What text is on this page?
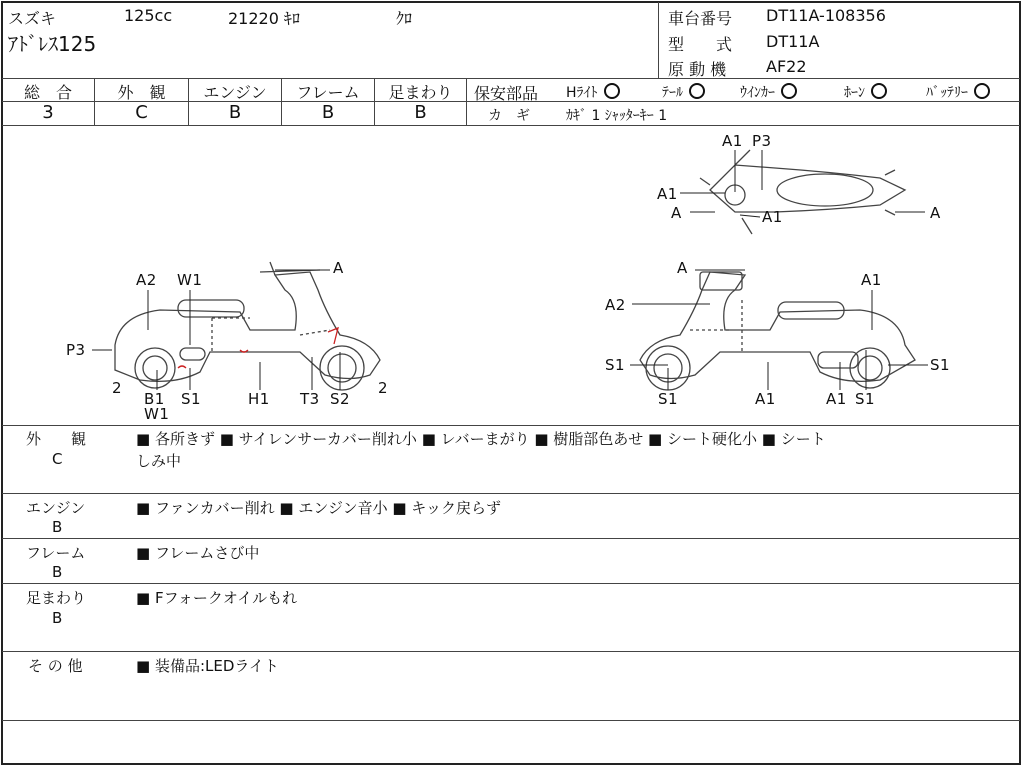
スズキ	125cc	21220 ｷﾛ	ｸﾛ
ｱﾄﾞﾚｽ125
車台番号 DT11A-108356
型　　式 DT11A
原 動 機 AF22
総　合	外　観	エンジン	フレーム	足まわり
3	C	B	B	B
保安部品 Hﾗｲﾄ	ﾃｰﾙ	ｳｲﾝｶｰ	ﾎｰﾝ	ﾊﾞｯﾃﾘｰ
カ　ギ	ｶｷﾞ 1 ｼｬｯﾀｰｷｰ 1
A2 W1
A
P3
2
B1
W1
S1	H1 T3 S2
2
A
A1
A2
S1
S1	A1	A1 S1
S1
A1 P3
A1
A	A1	A
外　　観
C
■ 各所きず ■ サイレンサーカバー削れ小 ■ レバーまがり ■ 樹脂部色あせ ■ シート硬化小 ■ シート
しみ中
エンジン
B
■ ファンカバー削れ ■ エンジン音小 ■ キック戻らず
フレーム
B
■ フレームさび中
足まわり
B
■ Fフォークオイルもれ
そ の 他	■ 装備品:LEDライト
